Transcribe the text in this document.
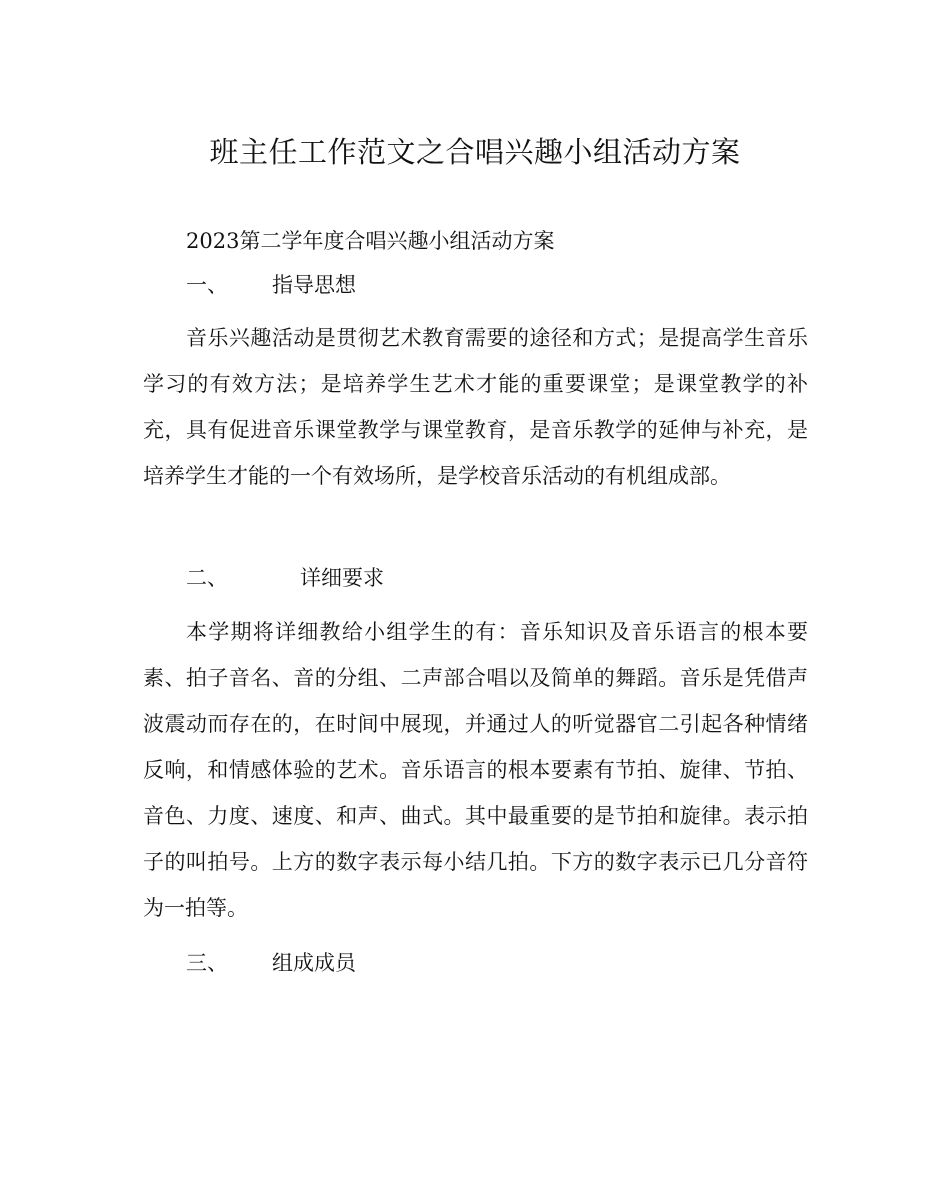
班主任工作范文之合唱兴趣小组活动方案
2023第二学年度合唱兴趣小组活动方案
一、 指导思想
音乐兴趣活动是贯彻艺术教育需要的途径和方式；是提高学生音乐学习的有效方法；是培养学生艺术才能的重要课堂；是课堂教学的补充，具有促进音乐课堂教学与课堂教育，是音乐教学的延伸与补充，是培养学生才能的一个有效场所，是学校音乐活动的有机组成部。
二、	详细要求
本学期将详细教给小组学生的有：音乐知识及音乐语言的根本要素、拍子音名、音的分组、二声部合唱以及简单的舞蹈。音乐是凭借声波震动而存在的，在时间中展现，并通过人的听觉器官二引起各种情绪反响，和情感体验的艺术。音乐语言的根本要素有节拍、旋律、节拍、音色、力度、速度、和声、曲式。其中最重要的是节拍和旋律。表示拍子的叫拍号。上方的数字表示每小结几拍。下方的数字表示已几分音符为一拍等。
三、 组成成员
